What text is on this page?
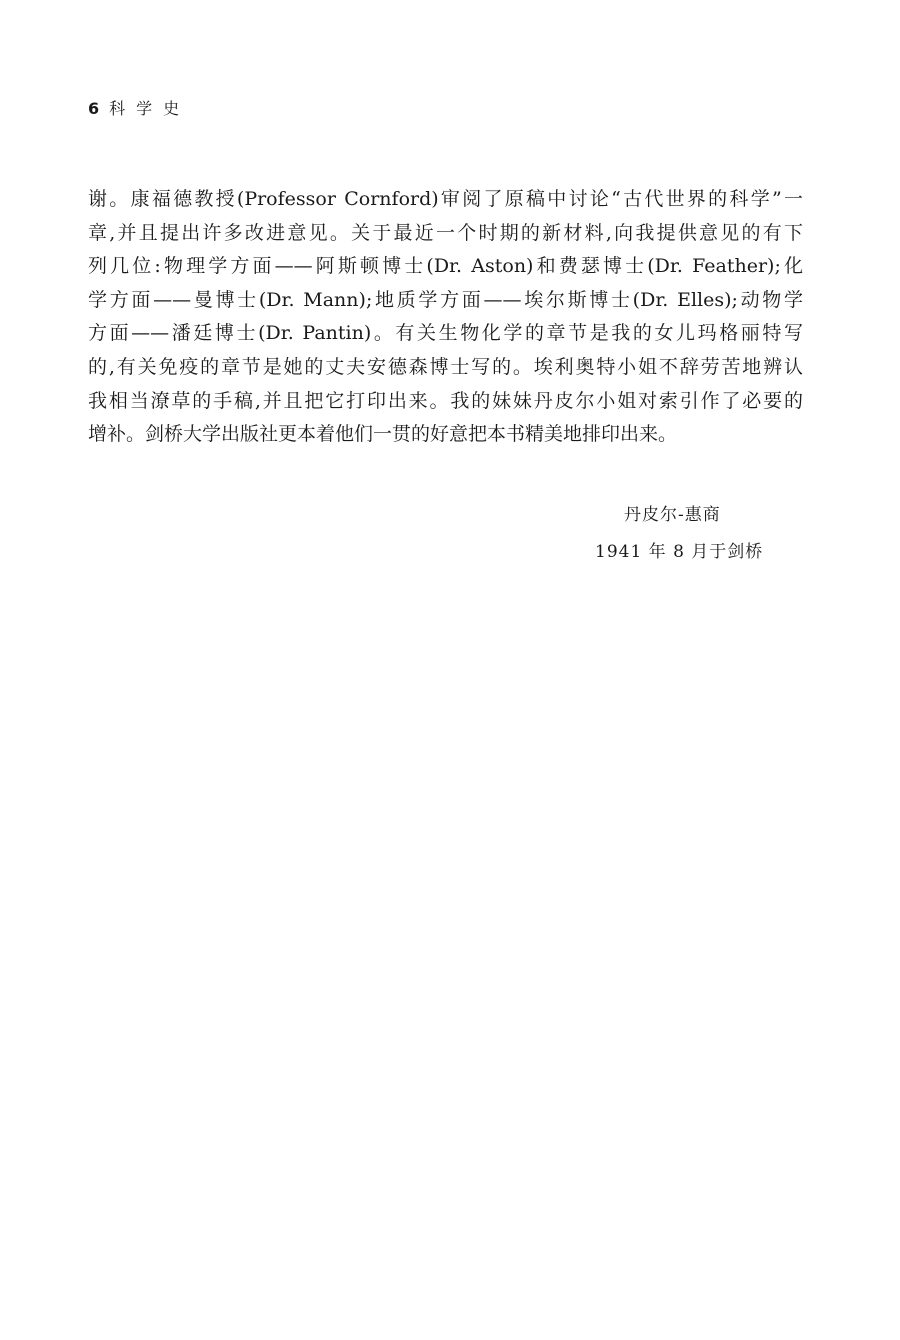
6 科学史
谢。康福德教授(Professor Cornford)审阅了原稿中讨论“古代世界的科学”一
章,并且提出许多改进意见。关于最近一个时期的新材料,向我提供意见的有下
列几位:物理学方面——阿斯顿博士(Dr. Aston)和费瑟博士(Dr. Feather);化
学方面——曼博士(Dr. Mann);地质学方面——埃尔斯博士(Dr. Elles);动物学
方面——潘廷博士(Dr. Pantin)。有关生物化学的章节是我的女儿玛格丽特写
的,有关免疫的章节是她的丈夫安德森博士写的。埃利奥特小姐不辞劳苦地辨认
我相当潦草的手稿,并且把它打印出来。我的妹妹丹皮尔小姐对索引作了必要的
增补。剑桥大学出版社更本着他们一贯的好意把本书精美地排印出来。
丹皮尔-惠商
1941 年 8 月于剑桥
